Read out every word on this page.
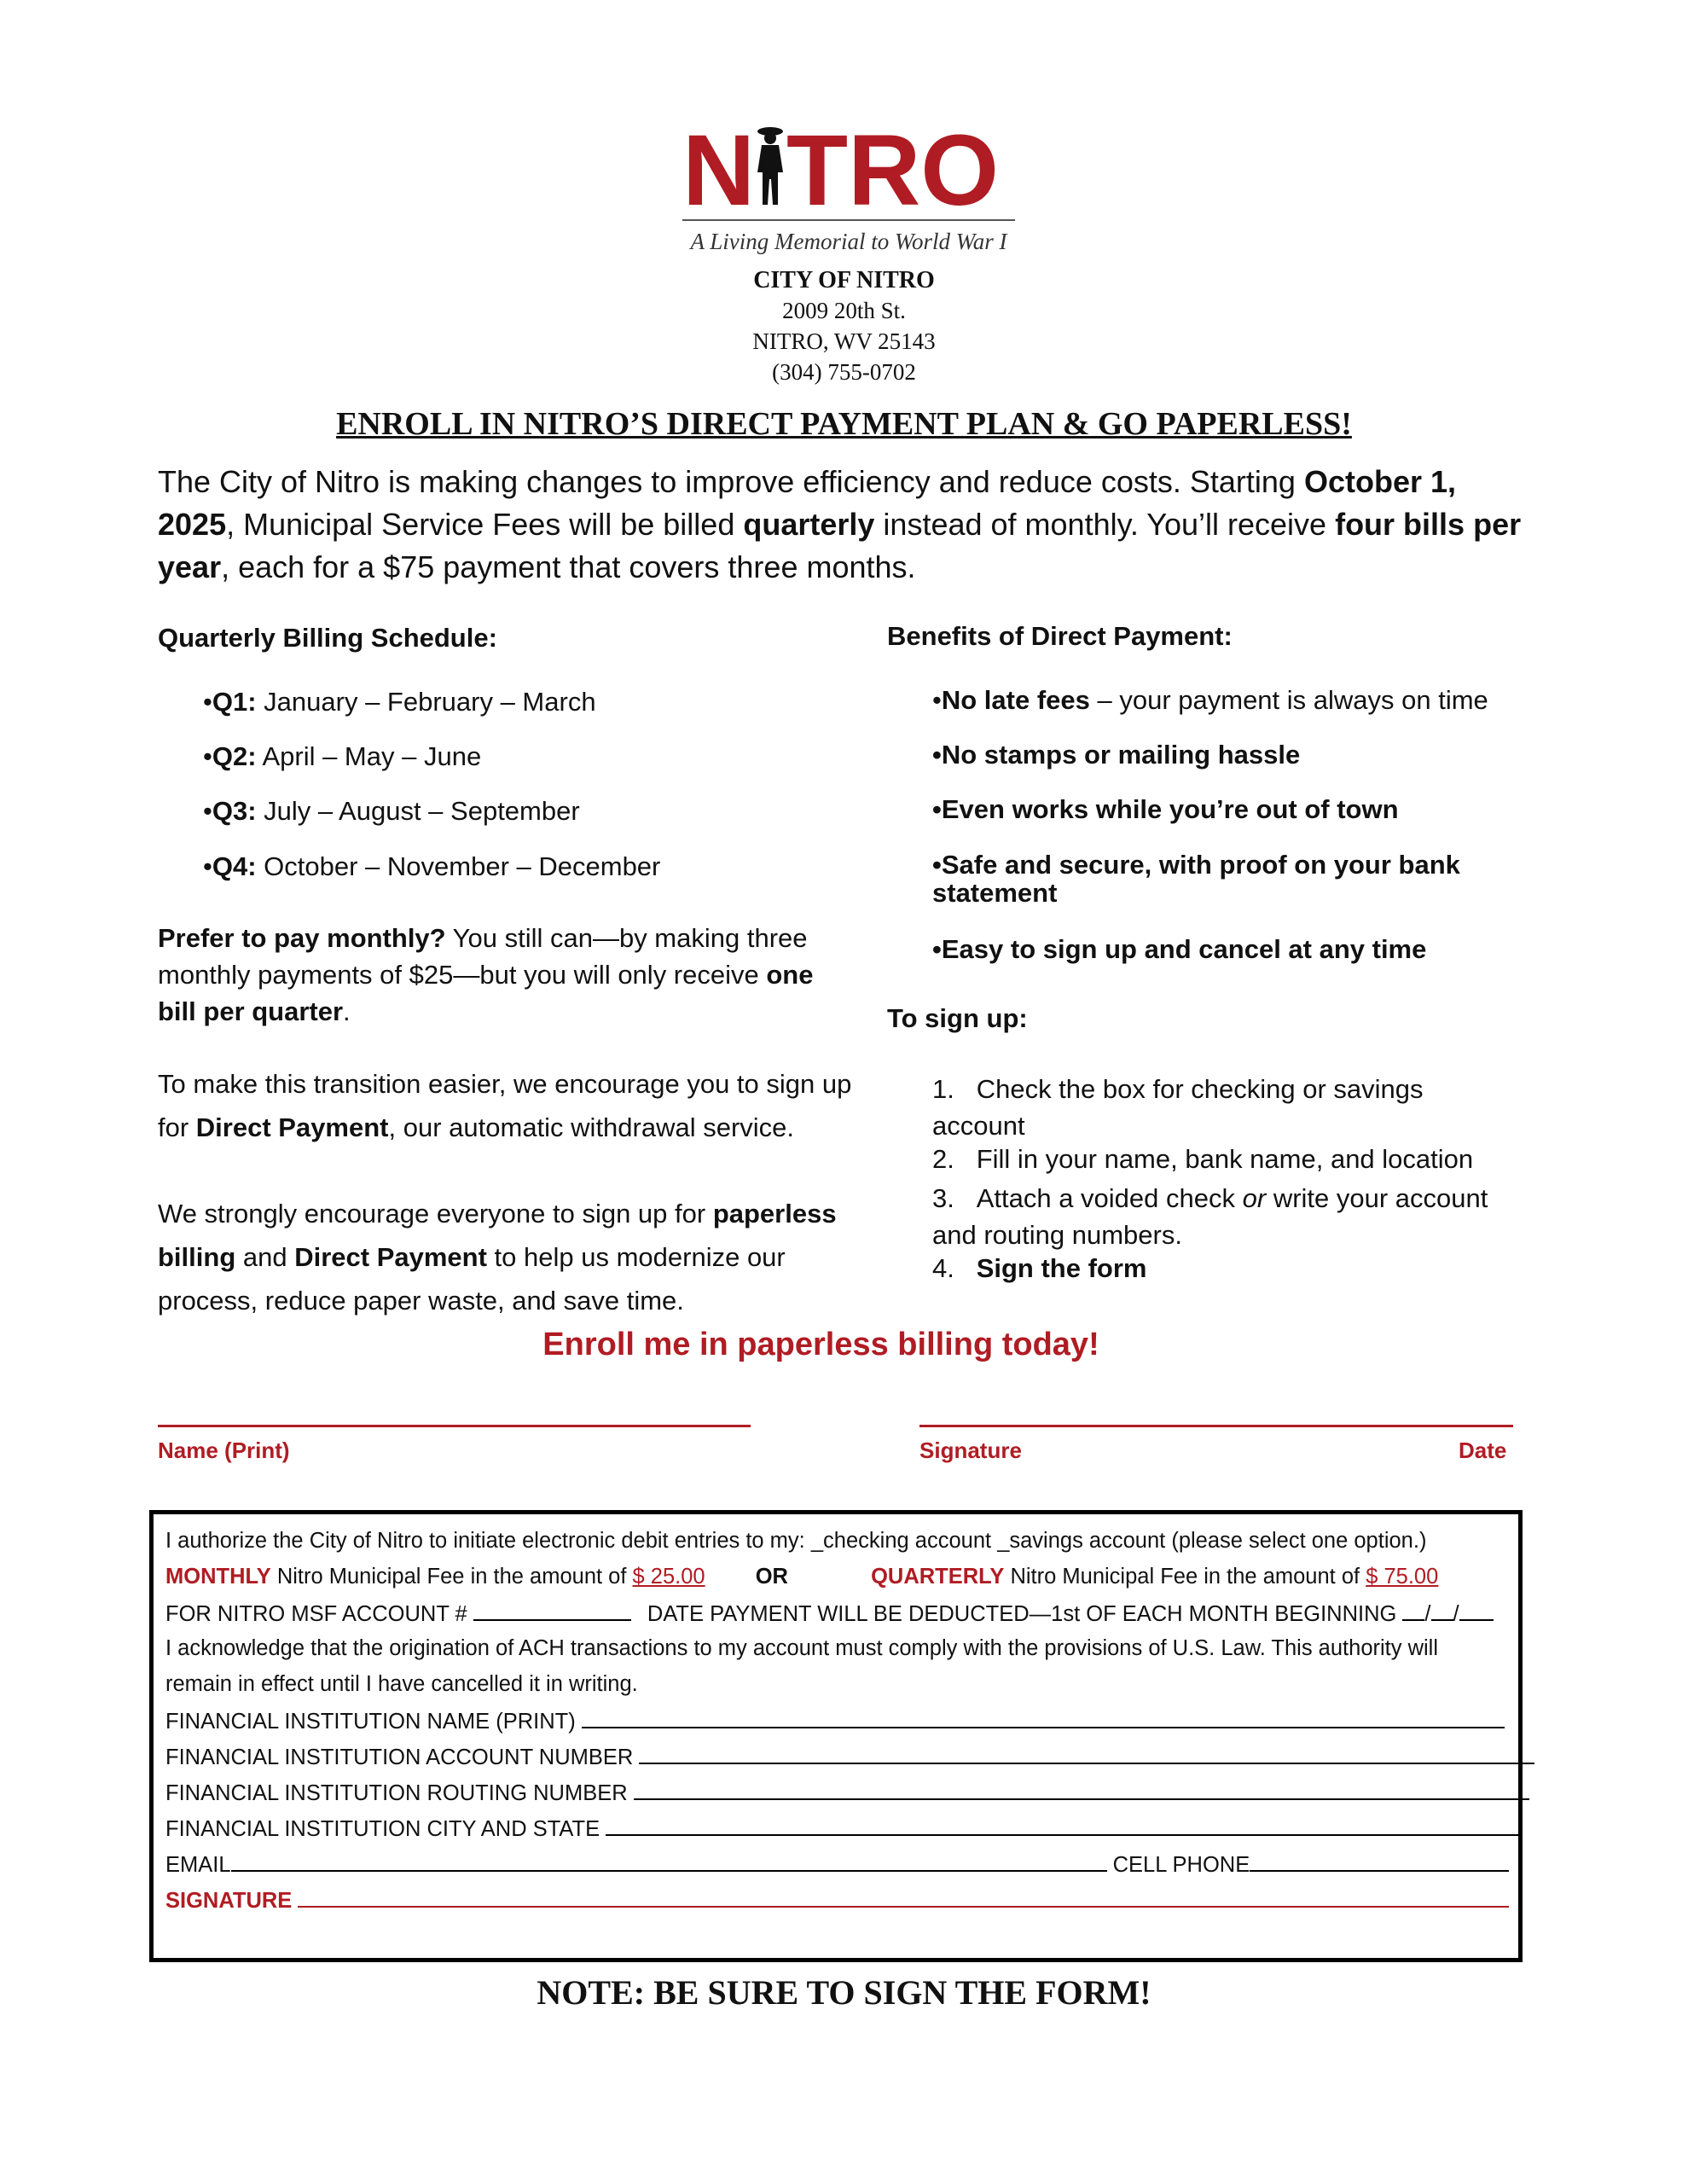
N TRO
A Living Memorial to World War I
CITY OF NITRO
2009 20th St.
NITRO, WV 25143
(304) 755-0702
ENROLL IN NITRO’S DIRECT PAYMENT PLAN & GO PAPERLESS!
The City of Nitro is making changes to improve efficiency and reduce costs. Starting October 1, 2025, Municipal Service Fees will be billed quarterly instead of monthly. You’ll receive four bills per year, each for a $75 payment that covers three months.
Quarterly Billing Schedule:
• Q1: January – February – March
• Q2: April – May – June
• Q3: July – August – September
• Q4: October – November – December
Prefer to pay monthly? You still can—by making three monthly payments of $25—but you will only receive one bill per quarter.
To make this transition easier, we encourage you to sign up for Direct Payment, our automatic withdrawal service.
We strongly encourage everyone to sign up for paperless billing and Direct Payment to help us modernize our process, reduce paper waste, and save time.
Benefits of Direct Payment:
• No late fees – your payment is always on time
• No stamps or mailing hassle
• Even works while you’re out of town
• Safe and secure, with proof on your bank statement
• Easy to sign up and cancel at any time
To sign up:
1. Check the box for checking or savings account
2. Fill in your name, bank name, and location
3. Attach a voided check or write your account and routing numbers.
4. Sign the form
Enroll me in paperless billing today!
Name (Print)	Signature	Date
I authorize the City of Nitro to initiate electronic debit entries to my: _checking account _savings account (please select one option.)
MONTHLY Nitro Municipal Fee in the amount of $ 25.00 OR	QUARTERLY Nitro Municipal Fee in the amount of $ 75.00
FOR NITRO MSF ACCOUNT #	DATE PAYMENT WILL BE DEDUCTED—1st OF EACH MONTH BEGINNING / /
I acknowledge that the origination of ACH transactions to my account must comply with the provisions of U.S. Law. This authority will
remain in effect until I have cancelled it in writing.
FINANCIAL INSTITUTION NAME (PRINT)
FINANCIAL INSTITUTION ACCOUNT NUMBER
FINANCIAL INSTITUTION ROUTING NUMBER
FINANCIAL INSTITUTION CITY AND STATE
EMAIL	CELL PHONE
SIGNATURE
NOTE: BE SURE TO SIGN THE FORM!
